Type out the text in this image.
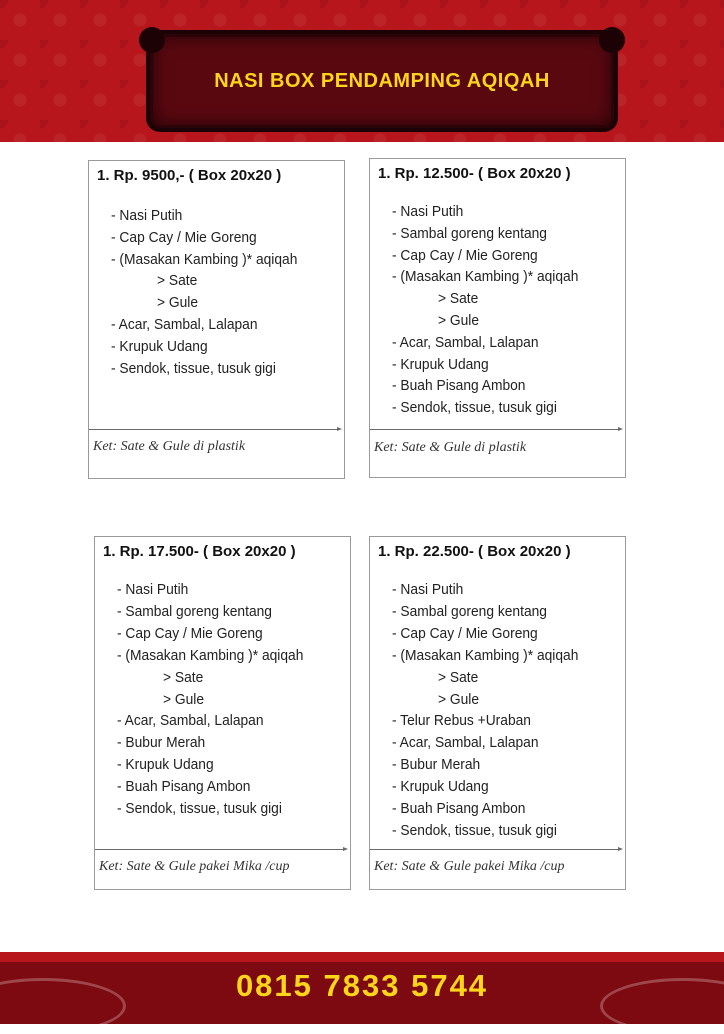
NASI BOX PENDAMPING AQIQAH
1. Rp. 9500,- ( Box 20x20 )
- Nasi Putih
- Cap Cay / Mie Goreng
- (Masakan Kambing )* aqiqah
> Sate
> Gule
- Acar, Sambal, Lalapan
- Krupuk Udang
- Sendok, tissue, tusuk gigi
Ket: Sate & Gule di plastik
1. Rp. 12.500- ( Box 20x20 )
- Nasi Putih
- Sambal goreng kentang
- Cap Cay / Mie Goreng
- (Masakan Kambing )* aqiqah
> Sate
> Gule
- Acar, Sambal, Lalapan
- Krupuk Udang
- Buah Pisang Ambon
- Sendok, tissue, tusuk gigi
Ket: Sate & Gule di plastik
1. Rp. 17.500- ( Box 20x20 )
- Nasi Putih
- Sambal goreng kentang
- Cap Cay / Mie Goreng
- (Masakan Kambing )* aqiqah
> Sate
> Gule
- Acar, Sambal, Lalapan
- Bubur Merah
- Krupuk Udang
- Buah Pisang Ambon
- Sendok, tissue, tusuk gigi
Ket: Sate & Gule pakei Mika /cup
1. Rp. 22.500- ( Box 20x20 )
- Nasi Putih
- Sambal goreng kentang
- Cap Cay / Mie Goreng
- (Masakan Kambing )* aqiqah
> Sate
> Gule
- Telur Rebus +Uraban
- Acar, Sambal, Lalapan
- Bubur Merah
- Krupuk Udang
- Buah Pisang Ambon
- Sendok, tissue, tusuk gigi
Ket: Sate & Gule pakei Mika /cup
0815 7833 5744
